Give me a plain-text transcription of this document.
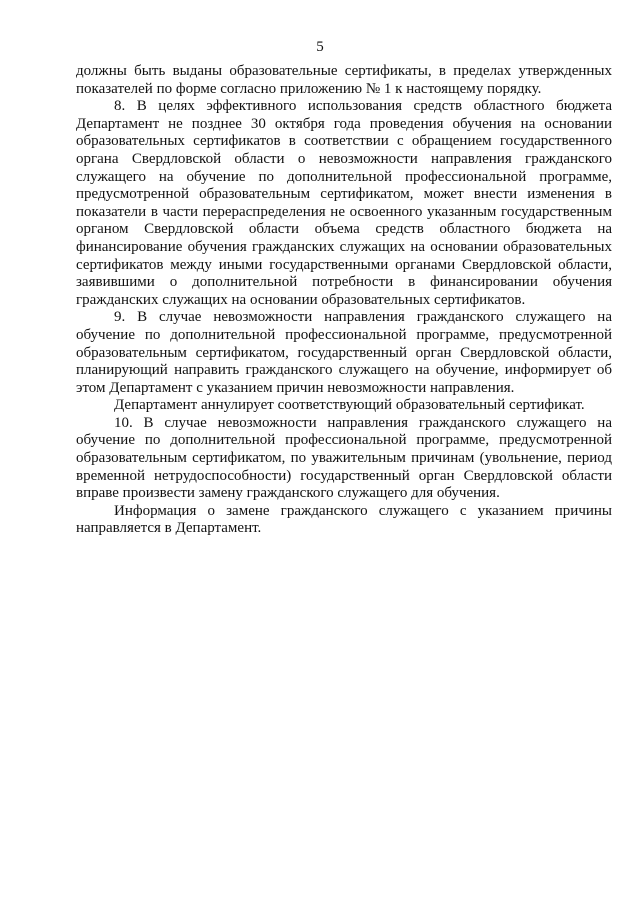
5

должны быть выданы образовательные сертификаты, в пределах утвержденных показателей по форме согласно приложению № 1 к настоящему порядку.

8. В целях эффективного использования средств областного бюджета Департамент не позднее 30 октября года проведения обучения на основании образовательных сертификатов в соответствии с обращением государственного органа Свердловской области о невозможности направления гражданского служащего на обучение по дополнительной профессиональной программе, предусмотренной образовательным сертификатом, может внести изменения в показатели в части перераспределения не освоенного указанным государственным органом Свердловской области объема средств областного бюджета на финансирование обучения гражданских служащих на основании образовательных сертификатов между иными государственными органами Свердловской области, заявившими о дополнительной потребности в финансировании обучения гражданских служащих на основании образовательных сертификатов.

9. В случае невозможности направления гражданского служащего на обучение по дополнительной профессиональной программе, предусмотренной образовательным сертификатом, государственный орган Свердловской области, планирующий направить гражданского служащего на обучение, информирует об этом Департамент с указанием причин невозможности направления.

Департамент аннулирует соответствующий образовательный сертификат.

10. В случае невозможности направления гражданского служащего на обучение по дополнительной профессиональной программе, предусмотренной образовательным сертификатом, по уважительным причинам (увольнение, период временной нетрудоспособности) государственный орган Свердловской области вправе произвести замену гражданского служащего для обучения.

Информация о замене гражданского служащего с указанием причины направляется в Департамент.
